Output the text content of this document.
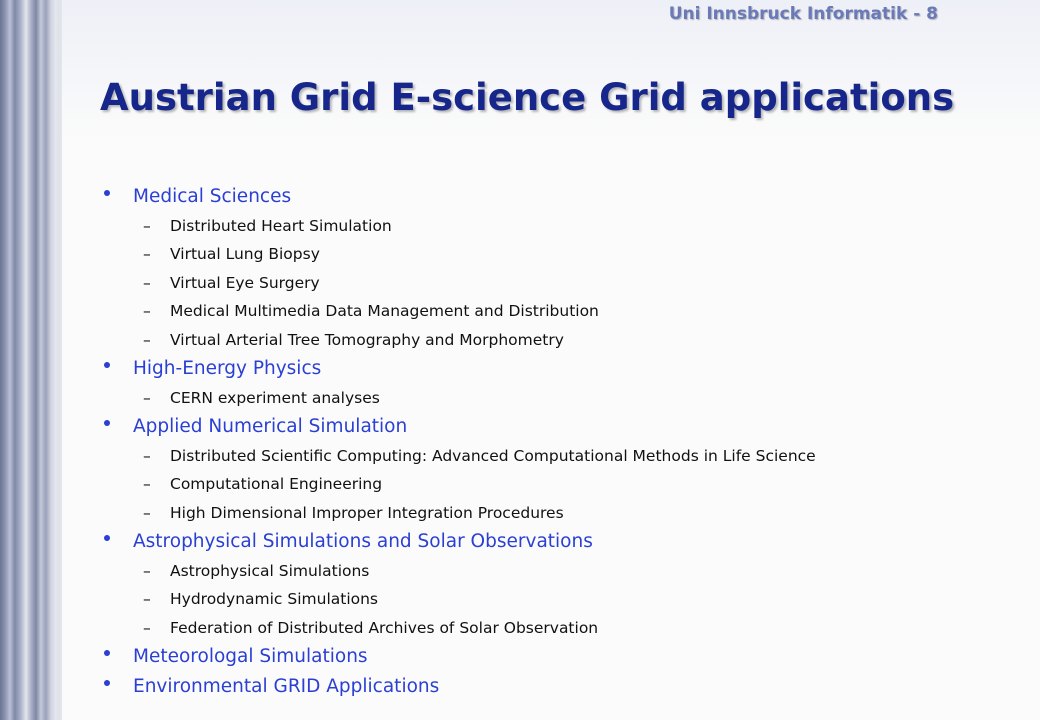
Uni Innsbruck Informatik - 8
Austrian Grid E-science Grid applications
Medical Sciences
– Distributed Heart Simulation
– Virtual Lung Biopsy
– Virtual Eye Surgery
– Medical Multimedia Data Management and Distribution
– Virtual Arterial Tree Tomography and Morphometry
High-Energy Physics
– CERN experiment analyses
Applied Numerical Simulation
– Distributed Scientific Computing: Advanced Computational Methods in Life Science
– Computational Engineering
– High Dimensional Improper Integration Procedures
Astrophysical Simulations and Solar Observations
– Astrophysical Simulations
– Hydrodynamic Simulations
– Federation of Distributed Archives of Solar Observation
Meteorologal Simulations
Environmental GRID Applications
